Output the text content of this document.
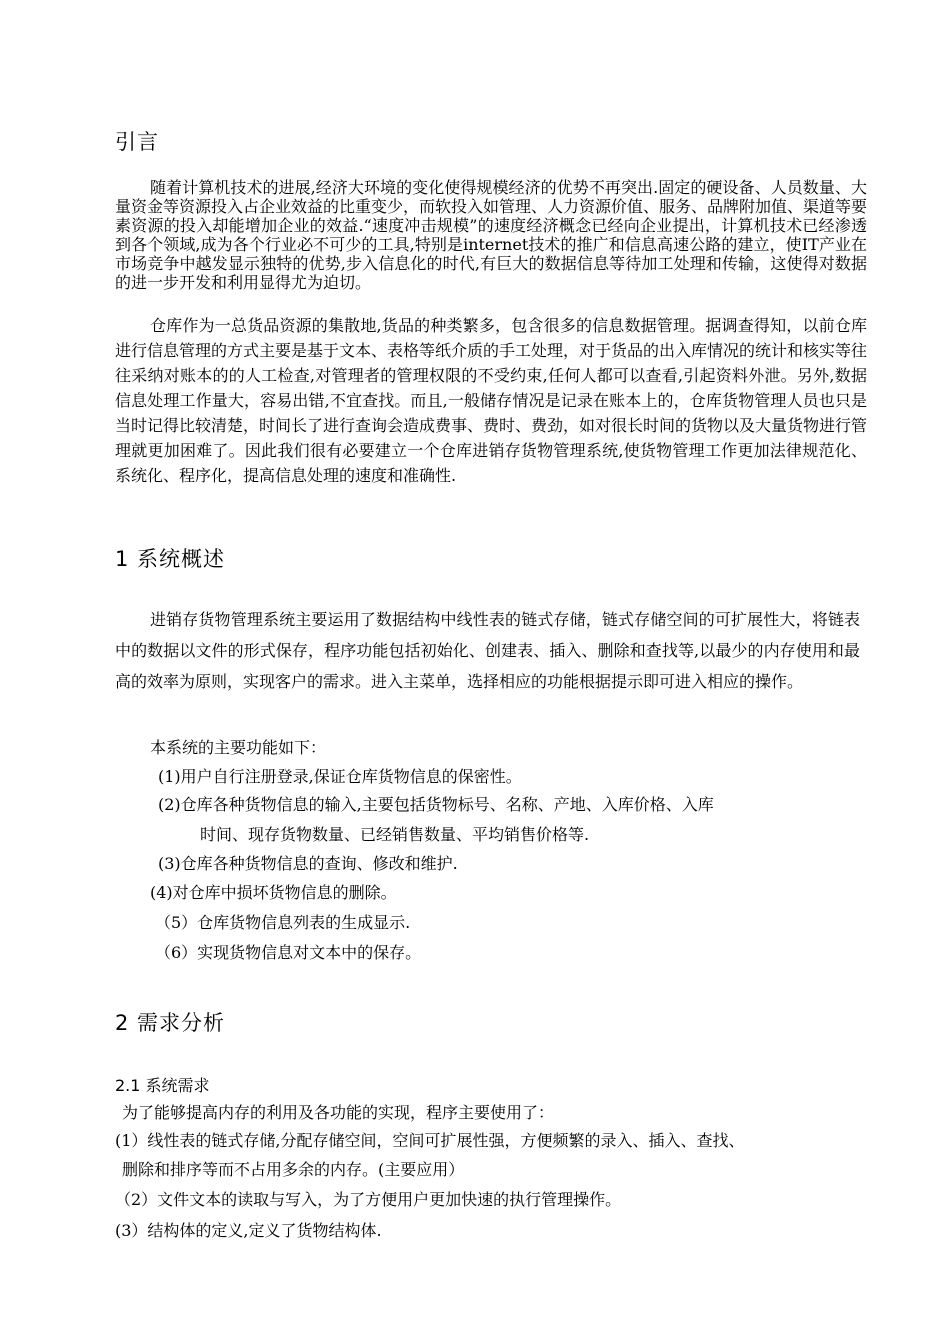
引言

随着计算机技术的进展,经济大环境的变化使得规模经济的优势不再突出.固定的硬设备、人员数量、大量资金等资源投入占企业效益的比重变少，而软投入如管理、人力资源价值、服务、品牌附加值、渠道等要素资源的投入却能增加企业的效益.“速度冲击规模”的速度经济概念已经向企业提出，计算机技术已经渗透到各个领域,成为各个行业必不可少的工具,特别是internet技术的推广和信息高速公路的建立，使IT产业在市场竞争中越发显示独特的优势,步入信息化的时代,有巨大的数据信息等待加工处理和传输，这使得对数据的进一步开发和利用显得尤为迫切。

仓库作为一总货品资源的集散地,货品的种类繁多，包含很多的信息数据管理。据调查得知，以前仓库进行信息管理的方式主要是基于文本、表格等纸介质的手工处理，对于货品的出入库情况的统计和核实等往往采纳对账本的的人工检查,对管理者的管理权限的不受约束,任何人都可以查看,引起资料外泄。另外,数据信息处理工作量大，容易出错,不宜查找。而且,一般储存情况是记录在账本上的，仓库货物管理人员也只是当时记得比较清楚，时间长了进行查询会造成费事、费时、费劲，如对很长时间的货物以及大量货物进行管理就更加困难了。因此我们很有必要建立一个仓库进销存货物管理系统,使货物管理工作更加法律规范化、系统化、程序化，提高信息处理的速度和准确性.

1 系统概述

进销存货物管理系统主要运用了数据结构中线性表的链式存储，链式存储空间的可扩展性大，将链表中的数据以文件的形式保存，程序功能包括初始化、创建表、插入、删除和查找等,以最少的内存使用和最高的效率为原则，实现客户的需求。进入主菜单，选择相应的功能根据提示即可进入相应的操作。

本系统的主要功能如下：
(1)用户自行注册登录,保证仓库货物信息的保密性。
(2)仓库各种货物信息的输入,主要包括货物标号、名称、产地、入库价格、入库
时间、现存货物数量、已经销售数量、平均销售价格等.
(3)仓库各种货物信息的查询、修改和维护.
(4)对仓库中损坏货物信息的删除。
（5）仓库货物信息列表的生成显示.
（6）实现货物信息对文本中的保存。
2 需求分析
2.1 系统需求
为了能够提高内存的利用及各功能的实现，程序主要使用了：
(1）线性表的链式存储,分配存储空间，空间可扩展性强，方便频繁的录入、插入、查找、
删除和排序等而不占用多余的内存。(主要应用）
（2）文件文本的读取与写入，为了方便用户更加快速的执行管理操作。
(3）结构体的定义,定义了货物结构体.
